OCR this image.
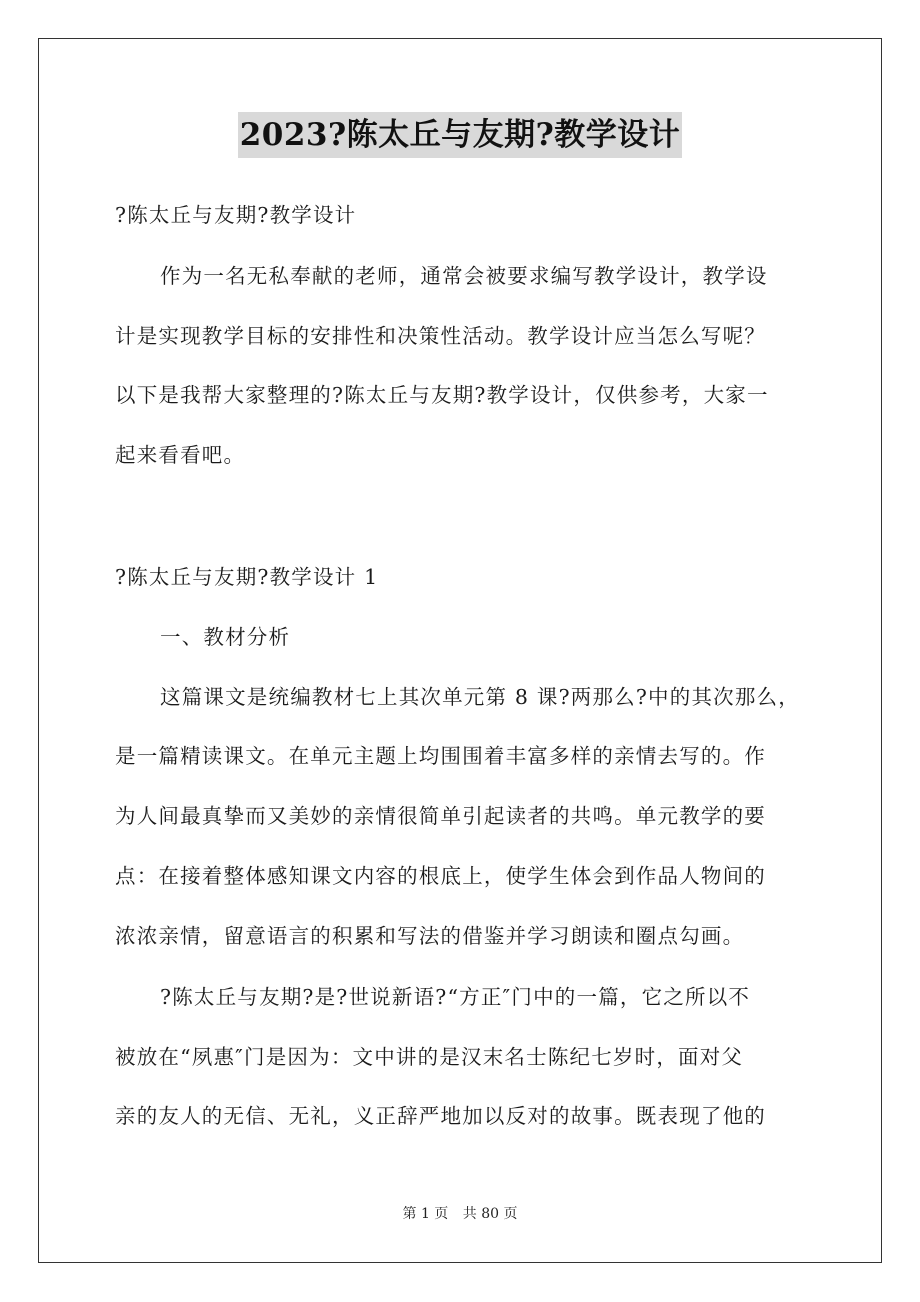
2023?陈太丘与友期?教学设计
?陈太丘与友期?教学设计
作为一名无私奉献的老师，通常会被要求编写教学设计，教学设
计是实现教学目标的安排性和决策性活动。教学设计应当怎么写呢？
以下是我帮大家整理的?陈太丘与友期?教学设计，仅供参考，大家一
起来看看吧。
?陈太丘与友期?教学设计 1
一、教材分析
这篇课文是统编教材七上其次单元第 8 课?两那么?中的其次那么，
是一篇精读课文。在单元主题上均围围着丰富多样的亲情去写的。作
为人间最真挚而又美妙的亲情很简单引起读者的共鸣。单元教学的要
点：在接着整体感知课文内容的根底上，使学生体会到作品人物间的
浓浓亲情，留意语言的积累和写法的借鉴并学习朗读和圈点勾画。
?陈太丘与友期?是?世说新语?“方正″门中的一篇，它之所以不
被放在“夙惠″门是因为：文中讲的是汉末名士陈纪七岁时，面对父
亲的友人的无信、无礼，义正辞严地加以反对的故事。既表现了他的
第 1 页 共 80 页
